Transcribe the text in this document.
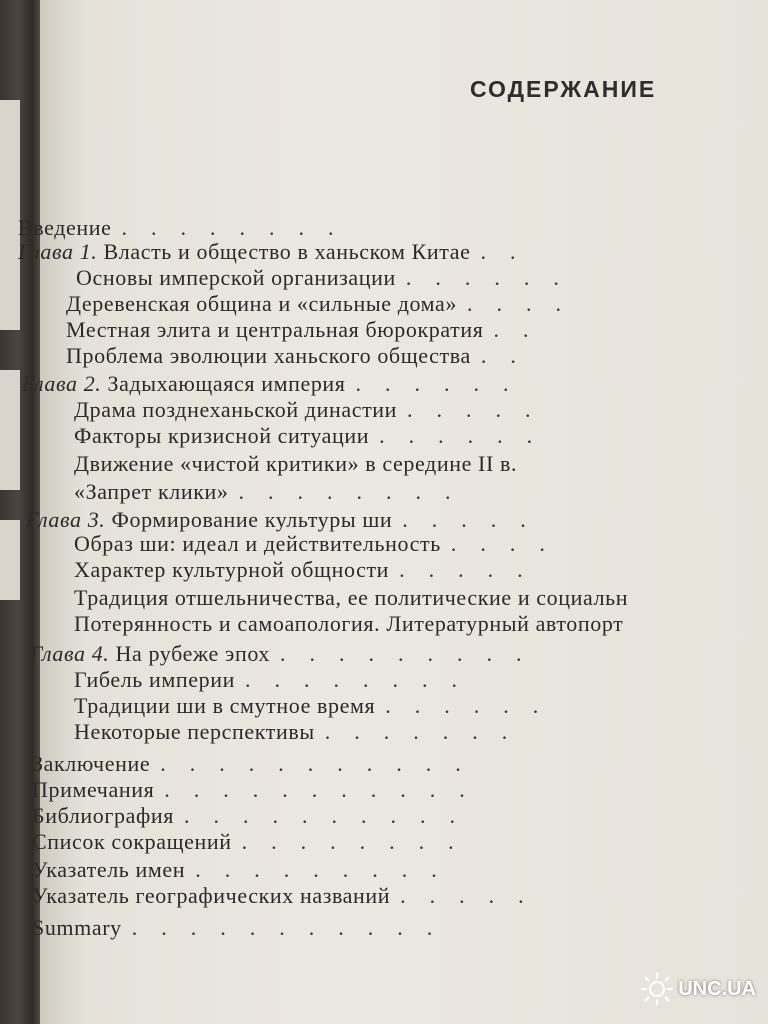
СОДЕРЖАНИЕ
Введение ........
Глава 1. Власть и общество в ханьском Китае ..
Основы имперской организации ......
Деревенская община и «сильные дома» ....
Местная элита и центральная бюрократия ..
Проблема эволюции ханьского общества ..
Глава 2. Задыхающаяся империя ......
Драма позднеханьской династии .....
Факторы кризисной ситуации ......
Движение «чистой критики» в середине II в.
«Запрет клики» ........
Глава 3. Формирование культуры ши .....
Образ ши: идеал и действительность ....
Характер культурной общности .....
Традиция отшельничества, ее политические и социальн
Потерянность и самоапология. Литературный автопорт
Глава 4. На рубеже эпох .........
Гибель империи ........
Традиции ши в смутное время ......
Некоторые перспективы .......
Заключение ...........
Примечания ...........
Библиография ..........
Список сокращений ........
Указатель имен .........
Указатель географических названий .....
Summary ...........
UNC.UA
